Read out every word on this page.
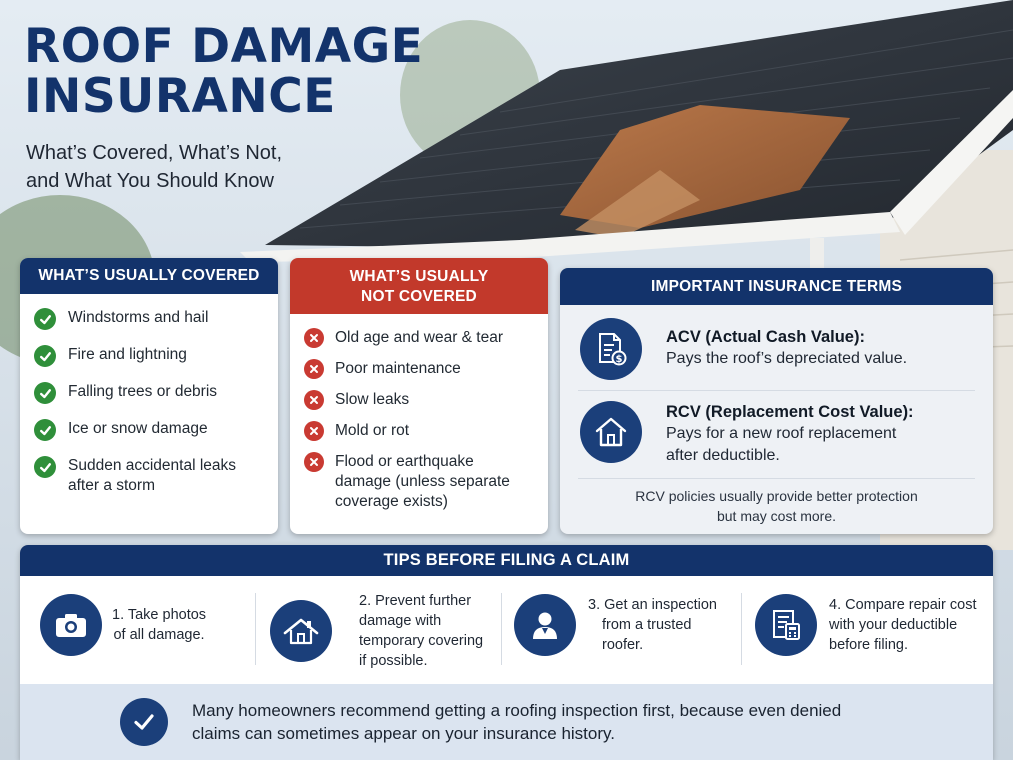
ROOF DAMAGE
INSURANCE
What’s Covered, What’s Not,
and What You Should Know
WHAT’S USUALLY COVERED
Windstorms and hail
Fire and lightning
Falling trees or debris
Ice or snow damage
Sudden accidental leaks
after a storm
WHAT’S USUALLY
NOT COVERED
Old age and wear & tear
Poor maintenance
Slow leaks
Mold or rot
Flood or earthquake
damage (unless separate
coverage exists)
IMPORTANT INSURANCE TERMS
$
ACV (Actual Cash Value):
Pays the roof’s depreciated value.
RCV (Replacement Cost Value):
Pays for a new roof replacement
after deductible.
RCV policies usually provide better protection
but may cost more.
TIPS BEFORE FILING A CLAIM
1. Take photos
of all damage.
2. Prevent further
damage with
temporary covering
if possible.
3. Get an inspection
from a trusted
roofer.
4. Compare repair cost
with your deductible
before filing.
Many homeowners recommend getting a roofing inspection first, because even denied
claims can sometimes appear on your insurance history.
